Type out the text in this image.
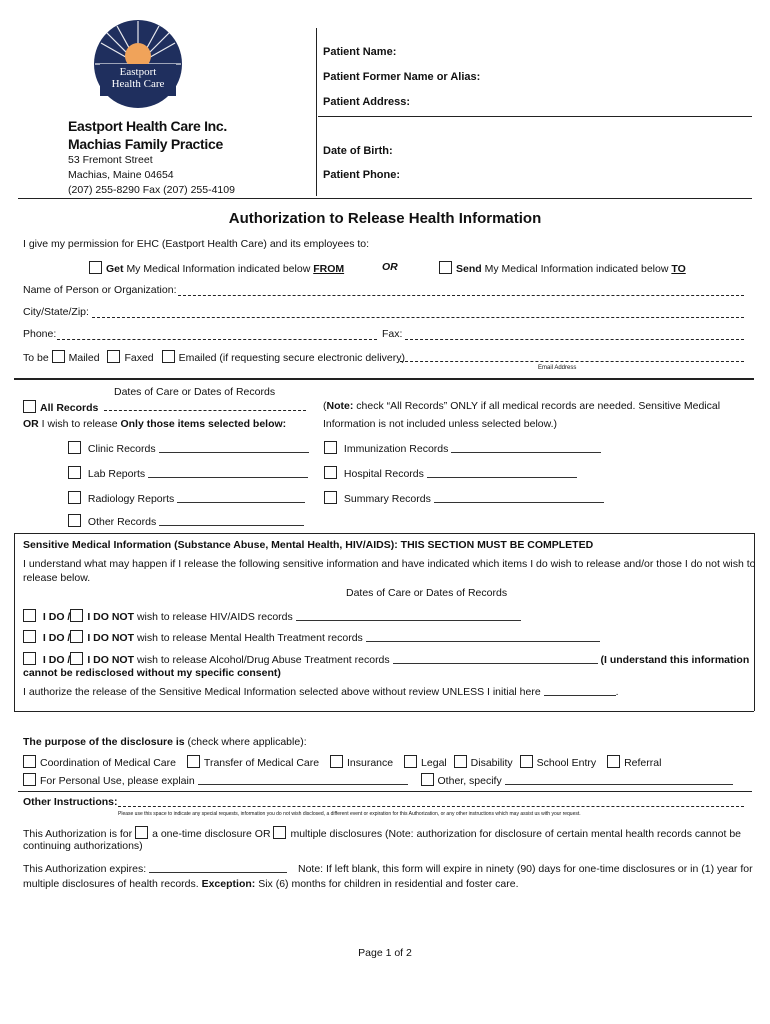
Eastport
Health Care
Eastport Health Care Inc.
Machias Family Practice
53 Fremont Street
Machias, Maine 04654
(207) 255-8290 Fax (207) 255-4109
Patient Name:
Patient Former Name or Alias:
Patient Address:
Date of Birth:
Patient Phone:
Authorization to Release Health Information
I give my permission for EHC (Eastport Health Care) and its employees to:
Get My Medical Information indicated below FROM	OR	Send My Medical Information indicated below TO
Name of Person or Organization:
City/State/Zip:
Phone:	Fax:
To be Mailed Faxed Emailed (if requesting secure electronic delivery)
Email Address
Dates of Care or Dates of Records
All Records
OR I wish to release Only those items selected below:
(Note: check “All Records” ONLY if all medical records are needed. Sensitive Medical
Information is not included unless selected below.)
Clinic Records	Immunization Records
Lab Reports	Hospital Records
Radiology Reports	Summary Records
Other Records
Sensitive Medical Information (Substance Abuse, Mental Health, HIV/AIDS): THIS SECTION MUST BE COMPLETED
I understand what may happen if I release the following sensitive information and have indicated which items I do wish to release and/or those I do not wish to
release below.
Dates of Care or Dates of Records
I DO / I DO NOT wish to release HIV/AIDS records
I DO / I DO NOT wish to release Mental Health Treatment records
I DO / I DO NOT wish to release Alcohol/Drug Abuse Treatment records	(I understand this information
cannot be redisclosed without my specific consent)
I authorize the release of the Sensitive Medical Information selected above without review UNLESS I initial here	.
The purpose of the disclosure is (check where applicable):
Coordination of Medical Care	Transfer of Medical Care	Insurance	Legal Disability School Entry	Referral
For Personal Use, please explain	Other, specify
Other Instructions:
Please use this space to indicate any special requests, information you do not wish disclosed, a different event or expiration for this Authorization, or any other instructions which may assist us with your request.
This Authorization is for a one-time disclosure OR multiple disclosures (Note: authorization for disclosure of certain mental health records cannot be
continuing authorizations)
This Authorization expires:	Note: If left blank, this form will expire in ninety (90) days for one-time disclosures or in (1) year for
multiple disclosures of health records. Exception: Six (6) months for children in residential and foster care.
Page 1 of 2
